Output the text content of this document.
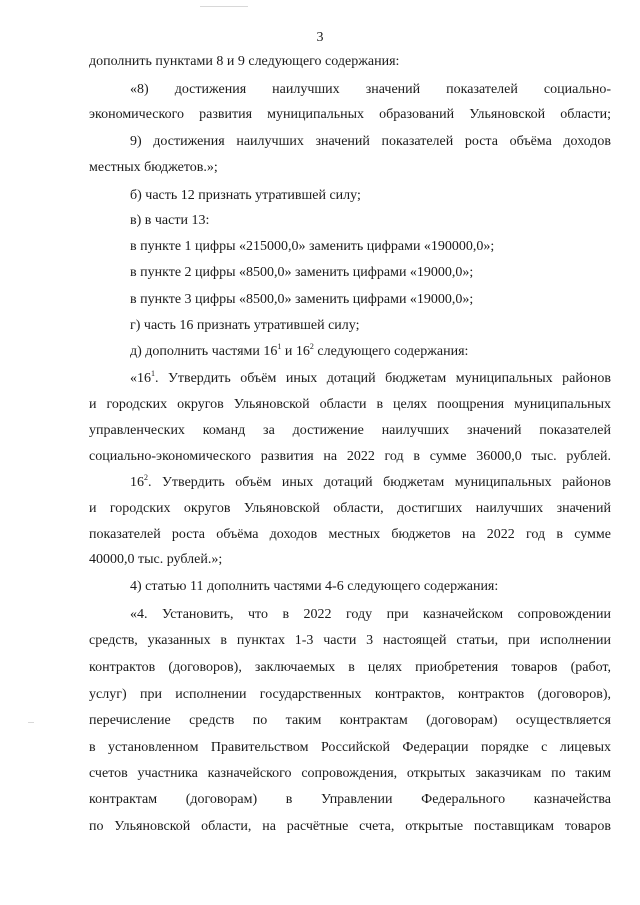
3
дополнить пунктами 8 и 9 следующего содержания:
«8) достижения наилучших значений показателей социально-
экономического развития муниципальных образований Ульяновской области;
9) достижения наилучших значений показателей роста объёма доходов
местных бюджетов.»;
б) часть 12 признать утратившей силу;
в) в части 13:
в пункте 1 цифры «215000,0» заменить цифрами «190000,0»;
в пункте 2 цифры «8500,0» заменить цифрами «19000,0»;
в пункте 3 цифры «8500,0» заменить цифрами «19000,0»;
г) часть 16 признать утратившей силу;
д) дополнить частями $16^1$ и $16^2$ следующего содержания:
«$16^1$. Утвердить объём иных дотаций бюджетам муниципальных районов
и городских округов Ульяновской области в целях поощрения муниципальных
управленческих команд за достижение наилучших значений показателей
социально-экономического развития на 2022 год в сумме 36000,0 тыс. рублей.
$16^2$. Утвердить объём иных дотаций бюджетам муниципальных районов
и городских округов Ульяновской области, достигших наилучших значений
показателей роста объёма доходов местных бюджетов на 2022 год в сумме
40000,0 тыс. рублей.»;
4) статью 11 дополнить частями 4-6 следующего содержания:
«4. Установить, что в 2022 году при казначейском сопровождении
средств, указанных в пунктах 1-3 части 3 настоящей статьи, при исполнении
контрактов (договоров), заключаемых в целях приобретения товаров (работ,
услуг) при исполнении государственных контрактов, контрактов (договоров),
перечисление средств по таким контрактам (договорам) осуществляется
в установленном Правительством Российской Федерации порядке с лицевых
счетов участника казначейского сопровождения, открытых заказчикам по таким
контрактам (договорам) в Управлении Федерального казначейства
по Ульяновской области, на расчётные счета, открытые поставщикам товаров
